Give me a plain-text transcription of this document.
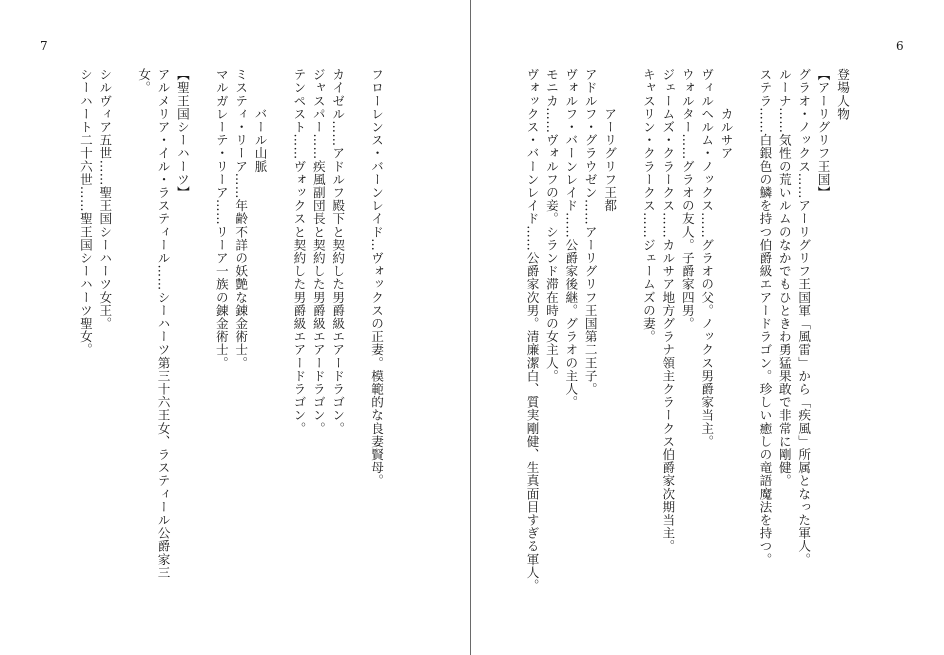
7
フローレンス・バーンレイド…ヴォックスの正妻。模範的な良妻賢母。

カイゼル……アドルフ殿下と契約した男爵級エアードラゴン。
ジャスパー……疾風副団長と契約した男爵級エアードラゴン。
テンペスト……ヴォックスと契約した男爵級エアードラゴン。

　　　バール山脈
ミスティ・リーア……年齢不詳の妖艶な錬金術士。
マルガレーテ・リーア……リーア一族の錬金術士。

【聖王国シーハーツ】
アルメリア・イル・ラスティール……シーハーツ第三十六王女、ラスティール公爵家三
女。

シルヴィア五世……聖王国シーハーツ女王。
シーハート二十六世……聖王国シーハーツ聖女。
6
登場人物
【アーリグリフ王国】
グラオ・ノックス……アーリグリフ王国軍「風雷」から「疾風」所属となった軍人。
ルーナ……気性の荒いルムのなかでもひときわ勇猛果敢で非常に剛健。
ステラ……白銀色の鱗を持つ伯爵級エアードラゴン。珍しい癒しの竜語魔法を持つ。

　　　カルサア
ヴィルヘルム・ノックス……グラオの父。ノックス男爵家当主。
ウォルター……グラオの友人。子爵家四男。
ジェームズ・クラークス……カルサア地方グラナ領主クラークス伯爵家次期当主。
キャスリン・クラークス……ジェームズの妻。

　　　アーリグリフ王都
アドルフ・グラウゼン……アーリグリフ王国第二王子。
ヴォルフ・バーンレイド……公爵家後継。グラオの主人。
モニカ……ヴォルフの妾。シランド滞在時の女主人。
ヴォックス・バーンレイド……公爵家次男。清廉潔白、質実剛健、生真面目すぎる軍人。
